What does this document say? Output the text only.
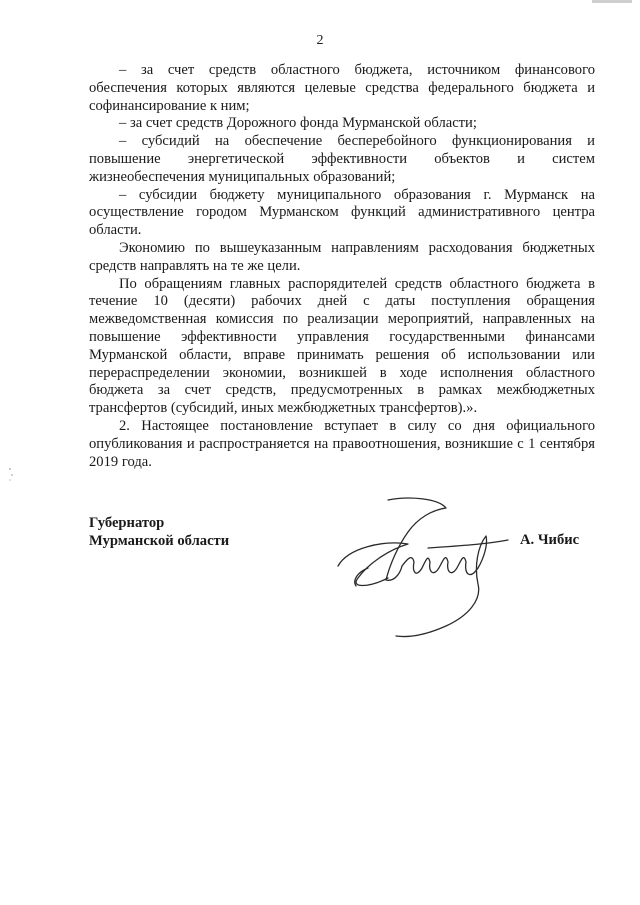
2

– за счет средств областного бюджета, источником финансового обеспечения которых являются целевые средства федерального бюджета и софинансирование к ним;

– за счет средств Дорожного фонда Мурманской области;

– субсидий на обеспечение бесперебойного функционирования и повышение энергетической эффективности объектов и систем жизнеобеспечения муниципальных образований;

– субсидии бюджету муниципального образования г. Мурманск на осуществление городом Мурманском функций административного центра области.

Экономию по вышеуказанным направлениям расходования бюджетных средств направлять на те же цели.

По обращениям главных распорядителей средств областного бюджета в течение 10 (десяти) рабочих дней с даты поступления обращения межведомственная комиссия по реализации мероприятий, направленных на повышение эффективности управления государственными финансами Мурманской области, вправе принимать решения об использовании или перераспределении экономии, возникшей в ходе исполнения областного бюджета за счет средств, предусмотренных в рамках межбюджетных трансфертов (субсидий, иных межбюджетных трансфертов).».

2. Настоящее постановление вступает в силу со дня официального опубликования и распространяется на правоотношения, возникшие с 1 сентября 2019 года.

Губернатор
Мурманской области	А. Чибис
